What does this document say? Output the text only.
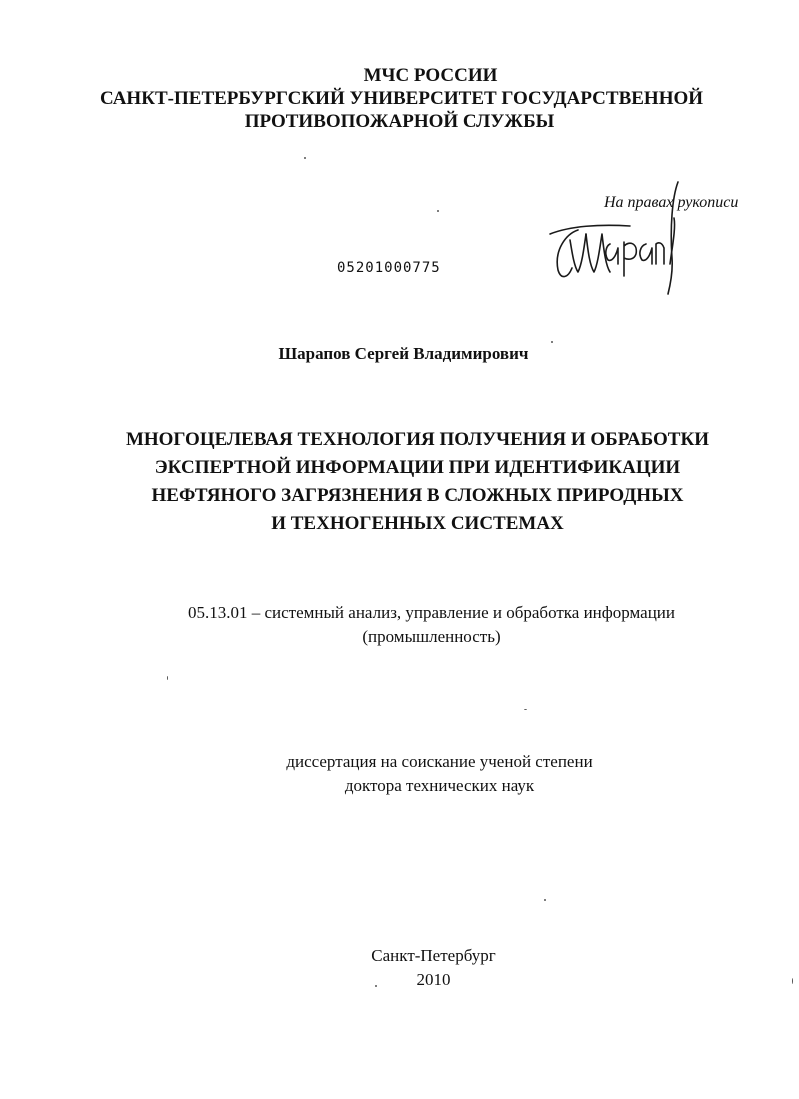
МЧС РОССИИ
САНКТ-ПЕТЕРБУРГСКИЙ УНИВЕРСИТЕТ ГОСУДАРСТВЕННОЙ
ПРОТИВОПОЖАРНОЙ СЛУЖБЫ
Шарапов
На правах рукописи
05201000775
Шарапов Сергей Владимирович
МНОГОЦЕЛЕВАЯ ТЕХНОЛОГИЯ ПОЛУЧЕНИЯ И ОБРАБОТКИ
ЭКСПЕРТНОЙ ИНФОРМАЦИИ ПРИ ИДЕНТИФИКАЦИИ
НЕФТЯНОГО ЗАГРЯЗНЕНИЯ В СЛОЖНЫХ ПРИРОДНЫХ
И ТЕХНОГЕННЫХ СИСТЕМАХ
05.13.01 – системный анализ, управление и обработка информации
(промышленность)
диссертация на соискание ученой степени
доктора технических наук
Санкт-Петербург
2010
